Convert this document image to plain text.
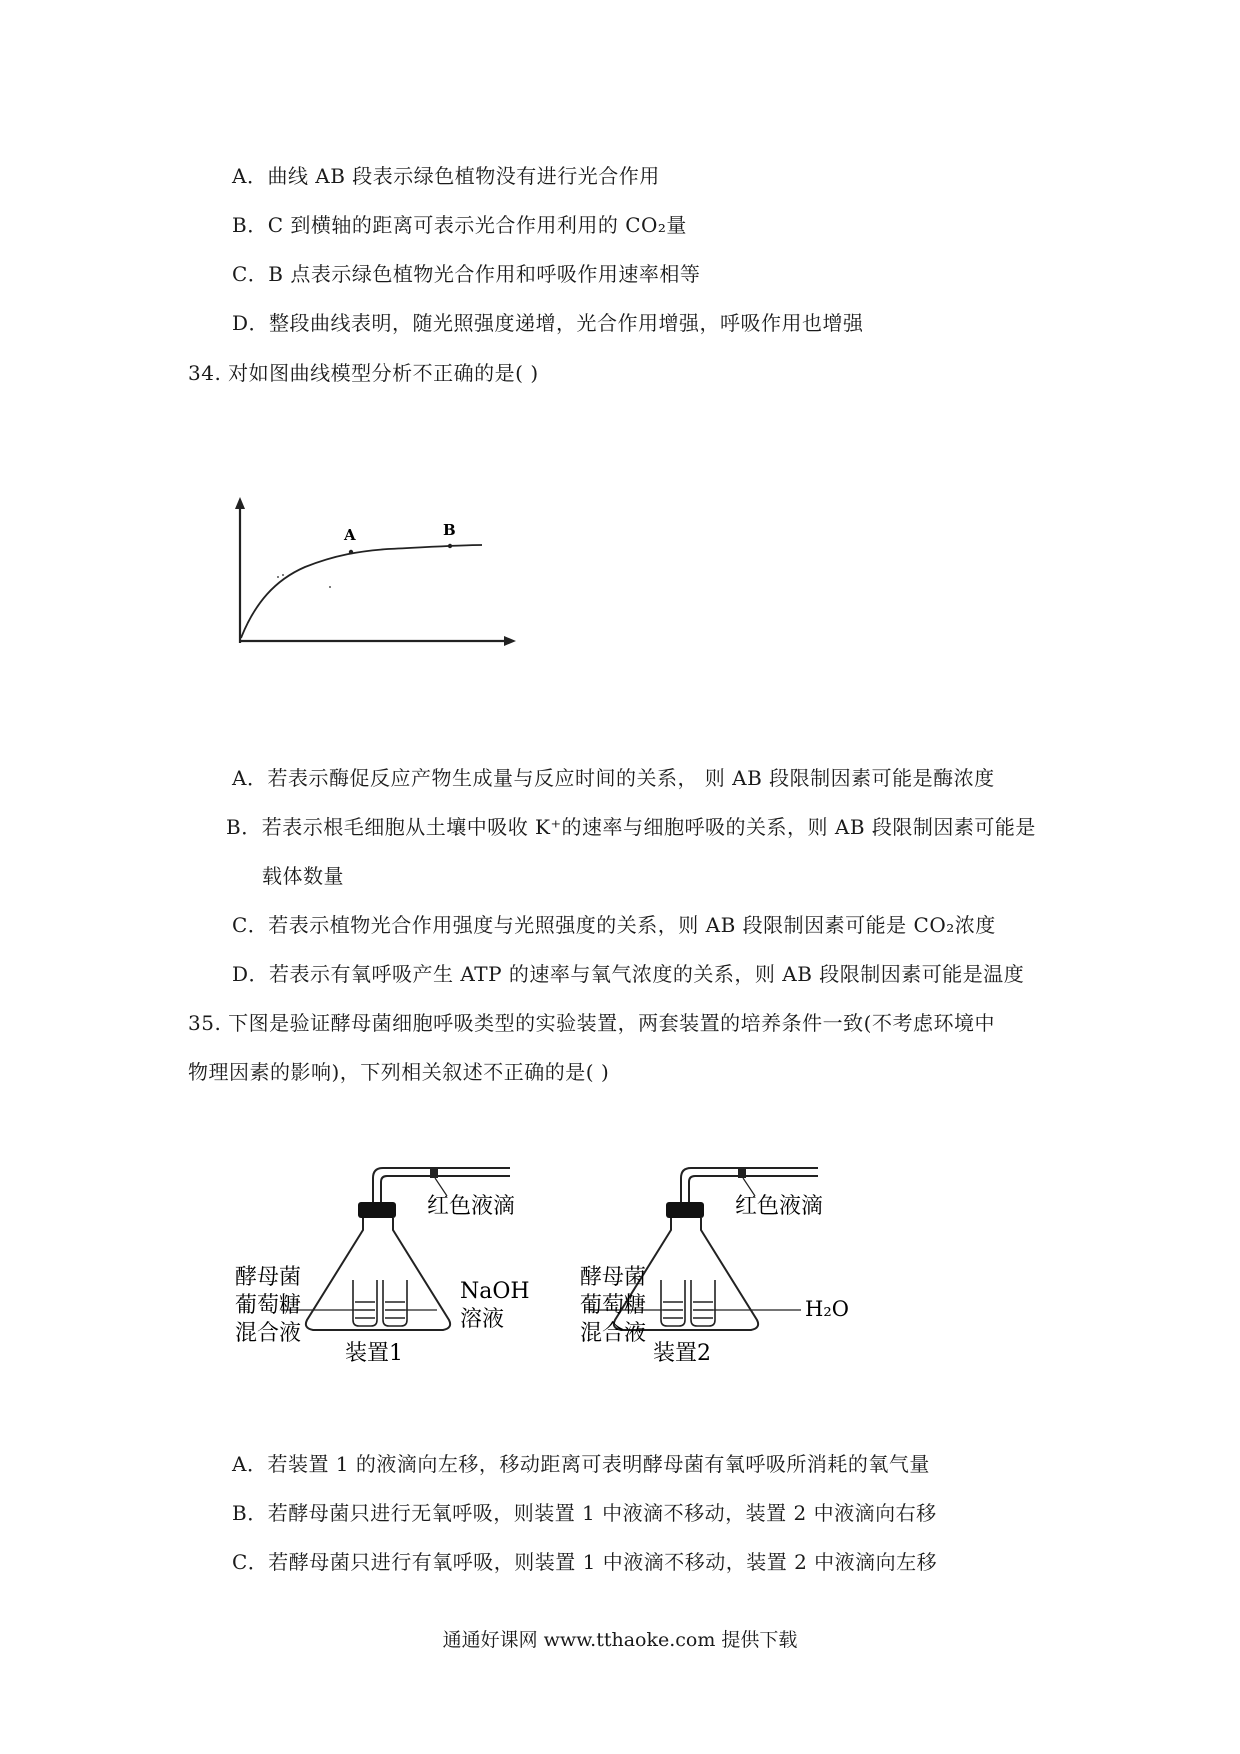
A．曲线 AB 段表示绿色植物没有进行光合作用
B．C 到横轴的距离可表示光合作用利用的 CO₂量
C．B 点表示绿色植物光合作用和呼吸作用速率相等
D．整段曲线表明，随光照强度递增，光合作用增强，呼吸作用也增强
34. 对如图曲线模型分析不正确的是( )
A	B
A．若表示酶促反应产物生成量与反应时间的关系， 则 AB 段限制因素可能是酶浓度
B．若表示根毛细胞从土壤中吸收 K⁺的速率与细胞呼吸的关系，则 AB 段限制因素可能是
载体数量
C．若表示植物光合作用强度与光照强度的关系，则 AB 段限制因素可能是 CO₂浓度
D．若表示有氧呼吸产生 ATP 的速率与氧气浓度的关系，则 AB 段限制因素可能是温度
35. 下图是验证酵母菌细胞呼吸类型的实验装置，两套装置的培养条件一致(不考虑环境中
物理因素的影响)，下列相关叙述不正确的是( )
红色液滴
酵母菌
葡萄糖
混合液
NaOH
溶液
装置1
红色液滴
酵母菌
葡萄糖
混合液
H₂O
装置2
A．若装置 1 的液滴向左移，移动距离可表明酵母菌有氧呼吸所消耗的氧气量
B．若酵母菌只进行无氧呼吸，则装置 1 中液滴不移动，装置 2 中液滴向右移
C．若酵母菌只进行有氧呼吸，则装置 1 中液滴不移动，装置 2 中液滴向左移
通通好课网 www.tthaoke.com 提供下载
